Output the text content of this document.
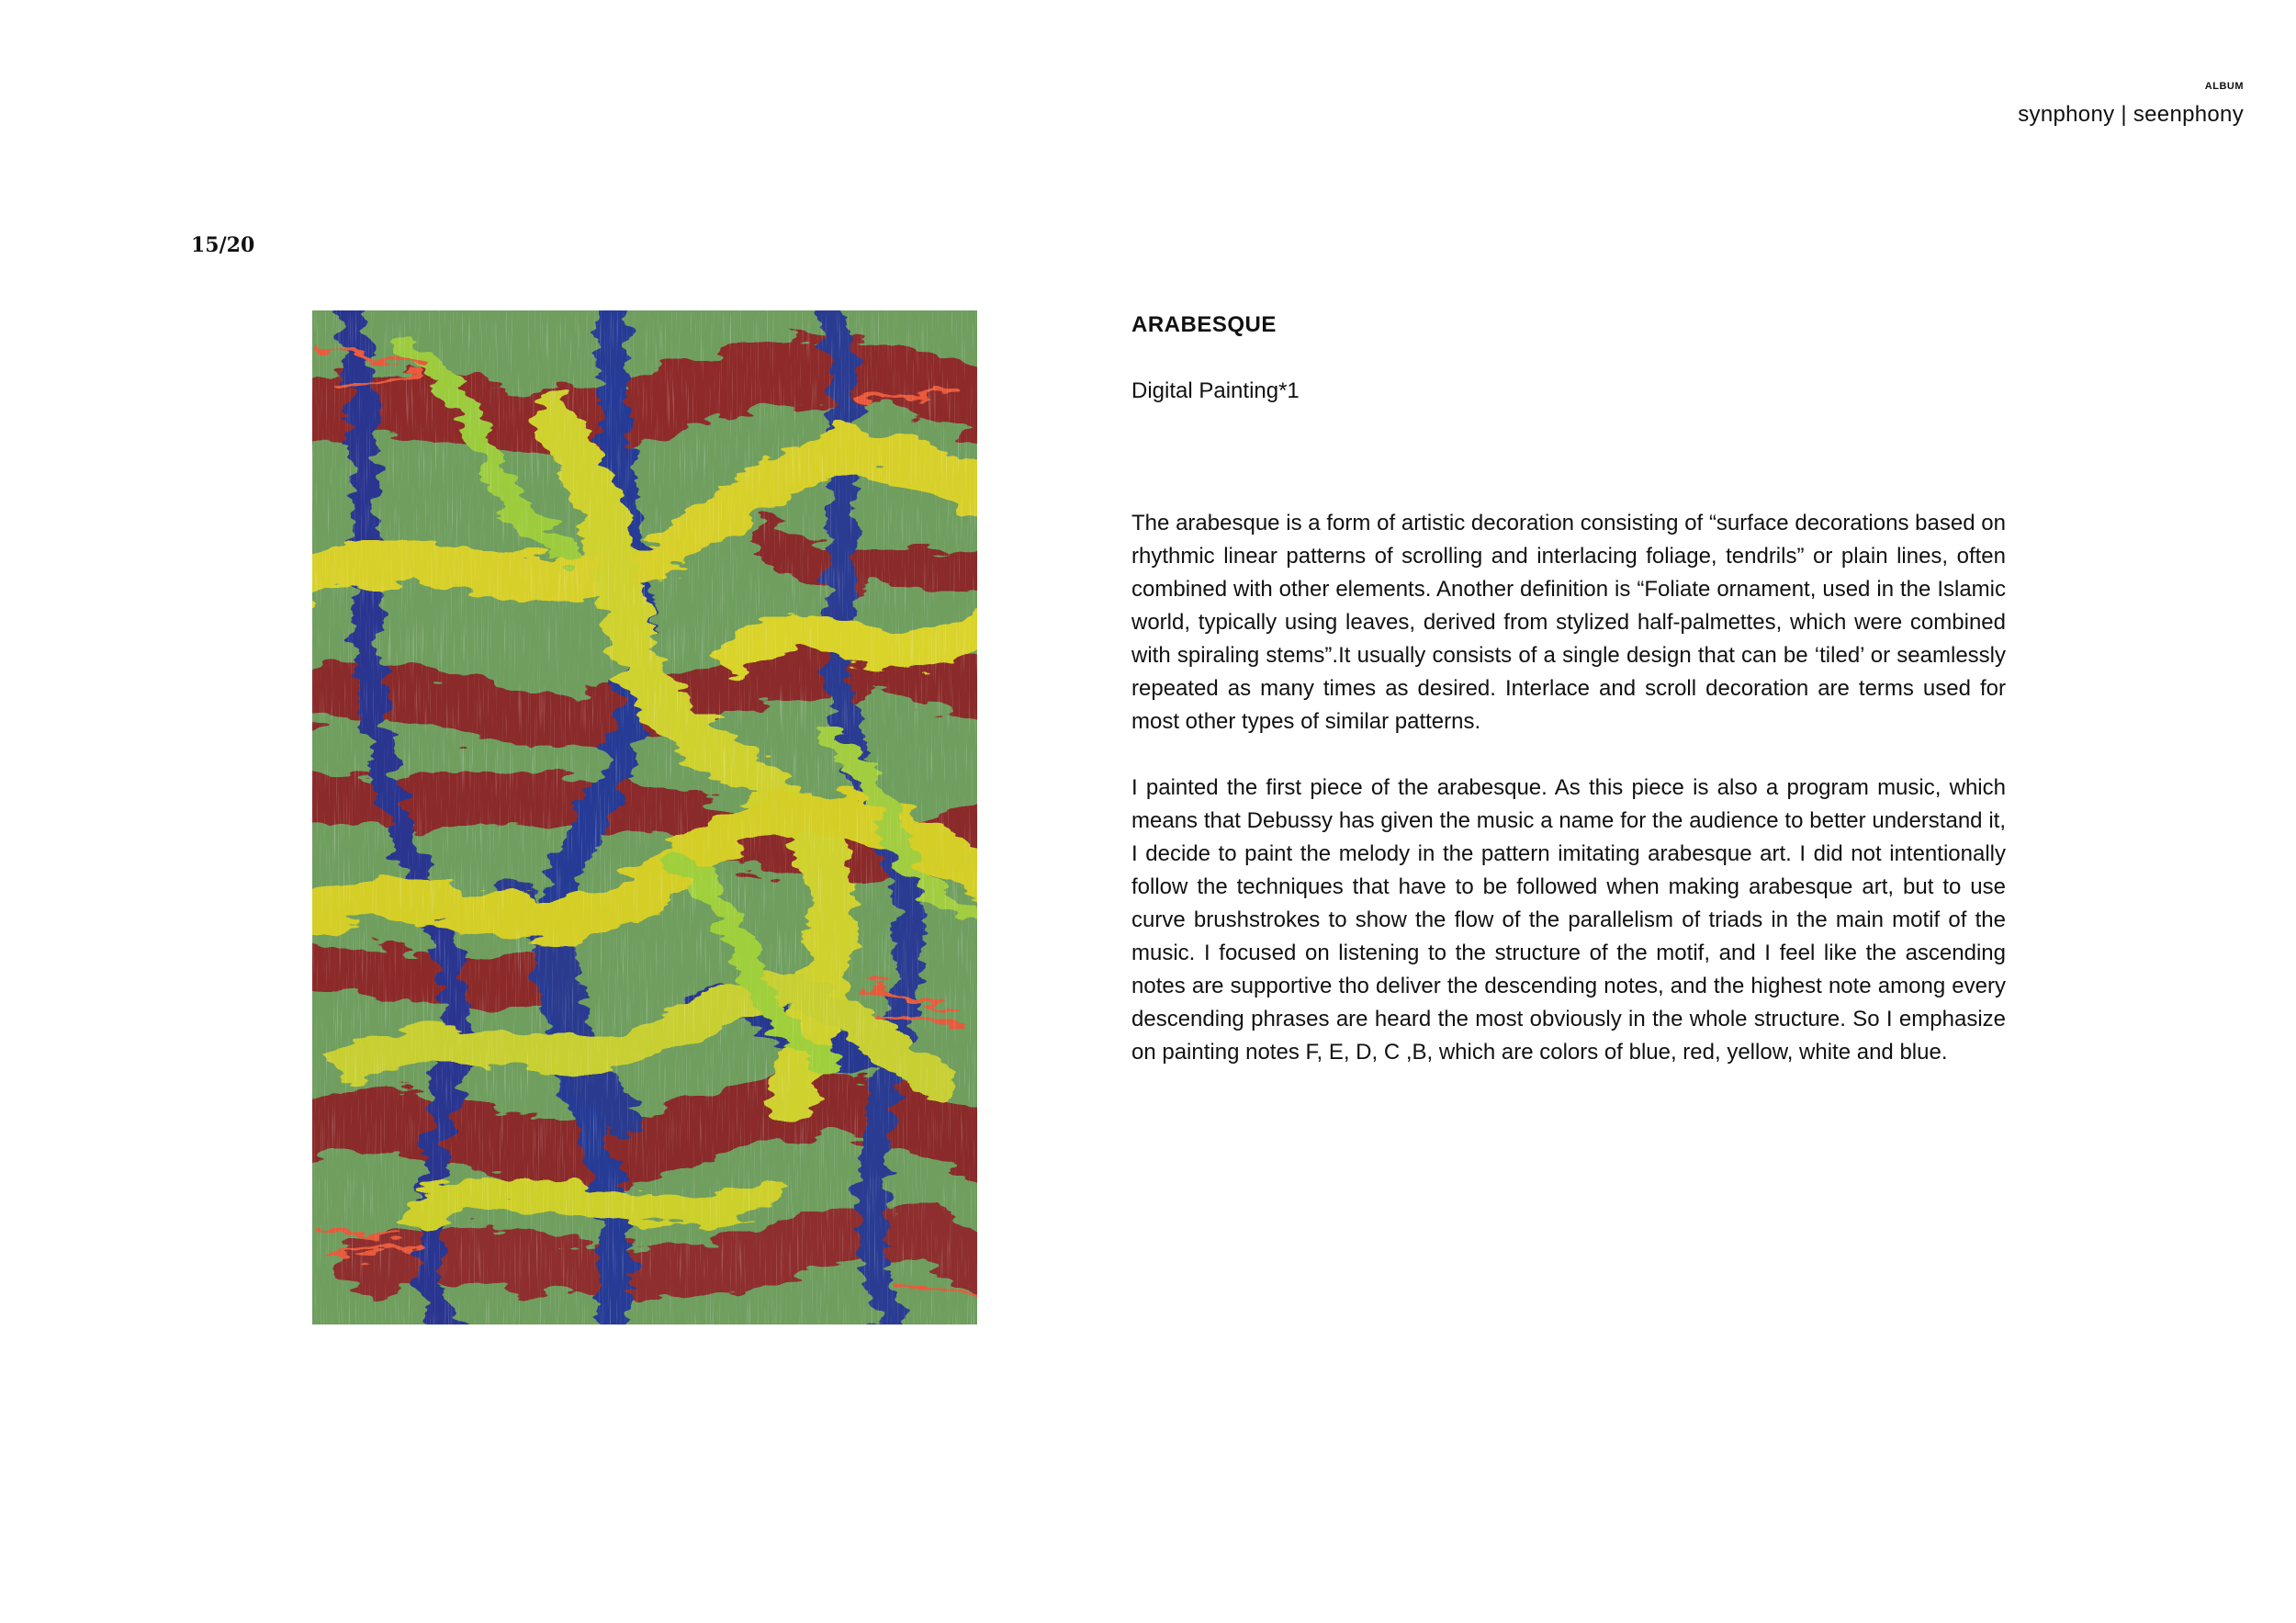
ALBUM
synphony | seenphony
15/20
ARABESQUE

Digital Painting*1

The arabesque is a form of artistic decoration consisting of “surface decorations based on rhythmic linear patterns of scrolling and interlacing foliage, tendrils” or plain lines, often combined with other elements. Another definition is “Foliate ornament, used in the Islamic world, typically using leaves, derived from stylized half-palmettes, which were combined with spiraling stems”.It usually consists of a single design that can be ‘tiled’ or seamlessly repeated as many times as desired. Interlace and scroll decoration are terms used for most other types of similar patterns.

I painted the first piece of the arabesque. As this piece is also a program music, which means that Debussy has given the music a name for the audience to better understand it, I decide to paint the melody in the pattern imitating arabesque art. I did not intentionally follow the techniques that have to be followed when making arabesque art, but to use curve brushstrokes to show the flow of the parallelism of triads in the main motif of the music. I focused on listening to the structure of the motif, and I feel like the ascending notes are supportive tho deliver the descending notes, and the highest note among every descending phrases are heard the most obviously in the whole structure. So I emphasize on painting notes F, E, D, C ,B, which are colors of blue, red, yellow, white and blue.
